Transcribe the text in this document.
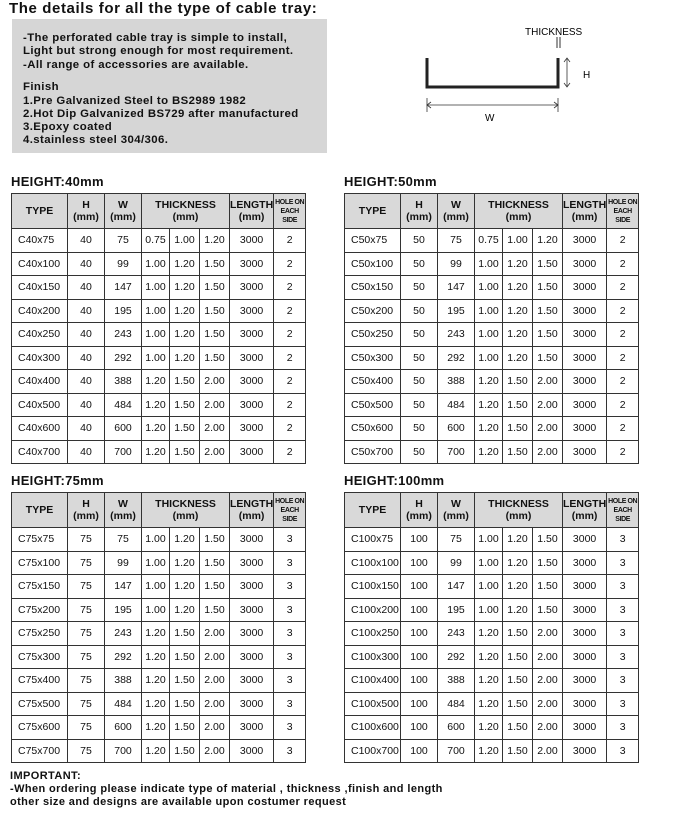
The details for all the type of cable tray:
-The perforated cable tray is simple to install,
Light but strong enough for most requirement.
-All range of accessories are available.
Finish
1.Pre Galvanized Steel to BS2989 1982
2.Hot Dip Galvanized BS729 after manufactured
3.Epoxy coated
4.stainless steel 304/306.
THICKNESS
H
W
HEIGHT:40mm
TYPE	H
(mm)	W
(mm)	THICKNESS
(mm)			LENGTH
(mm)	HOLE ON
EACH SIDE
C40x75	40	75	0.75	1.00	1.20	3000	2
C40x100	40	99	1.00	1.20	1.50	3000	2
C40x150	40	147	1.00	1.20	1.50	3000	2
C40x200	40	195	1.00	1.20	1.50	3000	2
C40x250	40	243	1.00	1.20	1.50	3000	2
C40x300	40	292	1.00	1.20	1.50	3000	2
C40x400	40	388	1.20	1.50	2.00	3000	2
C40x500	40	484	1.20	1.50	2.00	3000	2
C40x600	40	600	1.20	1.50	2.00	3000	2
C40x700	40	700	1.20	1.50	2.00	3000	2
HEIGHT:50mm
TYPE	H
(mm)	W
(mm)	THICKNESS
(mm)			LENGTH
(mm)	HOLE ON
EACH SIDE
C50x75	50	75	0.75	1.00	1.20	3000	2
C50x100	50	99	1.00	1.20	1.50	3000	2
C50x150	50	147	1.00	1.20	1.50	3000	2
C50x200	50	195	1.00	1.20	1.50	3000	2
C50x250	50	243	1.00	1.20	1.50	3000	2
C50x300	50	292	1.00	1.20	1.50	3000	2
C50x400	50	388	1.20	1.50	2.00	3000	2
C50x500	50	484	1.20	1.50	2.00	3000	2
C50x600	50	600	1.20	1.50	2.00	3000	2
C50x700	50	700	1.20	1.50	2.00	3000	2
HEIGHT:75mm
TYPE	H
(mm)	W
(mm)	THICKNESS
(mm)			LENGTH
(mm)	HOLE ON
EACH SIDE
C75x75	75	75	1.00	1.20	1.50	3000	3
C75x100	75	99	1.00	1.20	1.50	3000	3
C75x150	75	147	1.00	1.20	1.50	3000	3
C75x200	75	195	1.00	1.20	1.50	3000	3
C75x250	75	243	1.20	1.50	2.00	3000	3
C75x300	75	292	1.20	1.50	2.00	3000	3
C75x400	75	388	1.20	1.50	2.00	3000	3
C75x500	75	484	1.20	1.50	2.00	3000	3
C75x600	75	600	1.20	1.50	2.00	3000	3
C75x700	75	700	1.20	1.50	2.00	3000	3
HEIGHT:100mm
TYPE	H
(mm)	W
(mm)	THICKNESS
(mm)			LENGTH
(mm)	HOLE ON
EACH SIDE
C100x75	100	75	1.00	1.20	1.50	3000	3
C100x100	100	99	1.00	1.20	1.50	3000	3
C100x150	100	147	1.00	1.20	1.50	3000	3
C100x200	100	195	1.00	1.20	1.50	3000	3
C100x250	100	243	1.20	1.50	2.00	3000	3
C100x300	100	292	1.20	1.50	2.00	3000	3
C100x400	100	388	1.20	1.50	2.00	3000	3
C100x500	100	484	1.20	1.50	2.00	3000	3
C100x600	100	600	1.20	1.50	2.00	3000	3
C100x700	100	700	1.20	1.50	2.00	3000	3
IMPORTANT:
-When ordering please indicate type of material , thickness ,finish and length
other size and designs are available upon costumer request
